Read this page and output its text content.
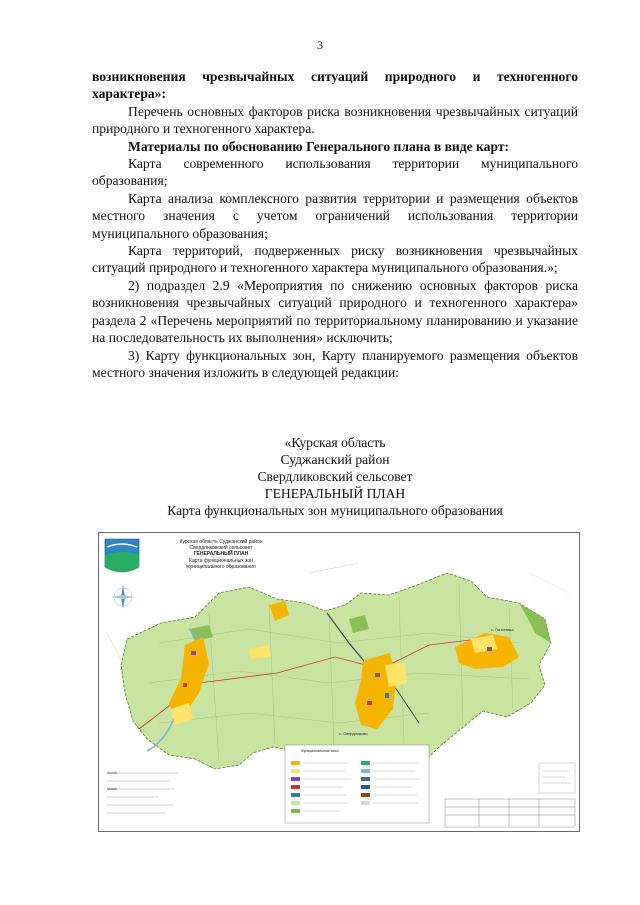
3

возникновения чрезвычайных ситуаций природного и техногенного характера»:

Перечень основных факторов риска возникновения чрезвычайных ситуаций природного и техногенного характера.

Материалы по обоснованию Генерального плана в виде карт:

Карта современного использования территории муниципального образования;

Карта анализа комплексного развития территории и размещения объектов местного значения с учетом ограничений использования территории муниципального образования;

Карта территорий, подверженных риску возникновения чрезвычайных ситуаций природного и техногенного характера муниципального образования.»;

2) подраздел 2.9 «Мероприятия по снижению основных факторов риска возникновения чрезвычайных ситуаций природного и техногенного характера» раздела 2 «Перечень мероприятий по территориальному планированию и указание на последовательность их выполнения» исключить;

3) Карту функциональных зон, Карту планируемого размещения объектов местного значения изложить в следующей редакции:

«Курская область
Суджанский район
Свердликовский сельсовет
ГЕНЕРАЛЬНЫЙ ПЛАН
Карта функциональных зон муниципального образования
Курская область Суджанский район
Свердликовский сельсовет
ГЕНЕРАЛЬНЫЙ ПЛАН
Карта функциональных зон
муниципального образования
с. Свердликово
с. Гоголевка
Функциональные зоны
